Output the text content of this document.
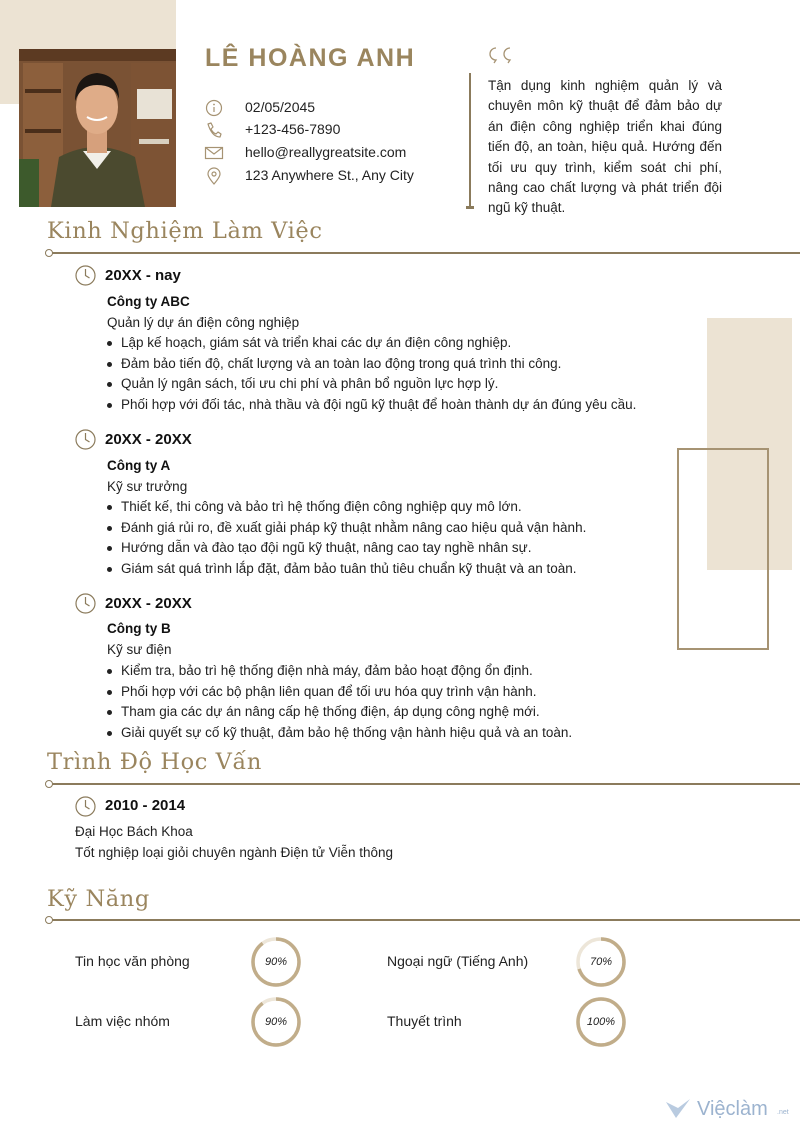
LÊ HOÀNG ANH
02/05/2045
+123-456-7890
hello@reallygreatsite.com
123 Anywhere St., Any City
Tận dụng kinh nghiệm quản lý và chuyên môn kỹ thuật để đảm bảo dự án điện công nghiệp triển khai đúng tiến độ, an toàn, hiệu quả. Hướng đến tối ưu quy trình, kiểm soát chi phí, nâng cao chất lượng và phát triển đội ngũ kỹ thuật.
Kinh Nghiệm Làm Việc
20XX - nay
Công ty ABC
Quản lý dự án điện công nghiệp
Lập kế hoạch, giám sát và triển khai các dự án điện công nghiệp.
Đảm bảo tiến độ, chất lượng và an toàn lao động trong quá trình thi công.
Quản lý ngân sách, tối ưu chi phí và phân bổ nguồn lực hợp lý.
Phối hợp với đối tác, nhà thầu và đội ngũ kỹ thuật để hoàn thành dự án đúng yêu cầu.
20XX - 20XX
Công ty A
Kỹ sư trưởng
Thiết kế, thi công và bảo trì hệ thống điện công nghiệp quy mô lớn.
Đánh giá rủi ro, đề xuất giải pháp kỹ thuật nhằm nâng cao hiệu quả vận hành.
Hướng dẫn và đào tạo đội ngũ kỹ thuật, nâng cao tay nghề nhân sự.
Giám sát quá trình lắp đặt, đảm bảo tuân thủ tiêu chuẩn kỹ thuật và an toàn.
20XX - 20XX
Công ty B
Kỹ sư điện
Kiểm tra, bảo trì hệ thống điện nhà máy, đảm bảo hoạt động ổn định.
Phối hợp với các bộ phận liên quan để tối ưu hóa quy trình vận hành.
Tham gia các dự án nâng cấp hệ thống điện, áp dụng công nghệ mới.
Giải quyết sự cố kỹ thuật, đảm bảo hệ thống vận hành hiệu quả và an toàn.
Trình Độ Học Vấn
2010 - 2014
Đại Học Bách Khoa
Tốt nghiệp loại giỏi chuyên ngành Điện tử Viễn thông
Kỹ Năng
Tin học văn phòng	90%	Ngoại ngữ (Tiếng Anh)	70%
Làm việc nhóm	90%	Thuyết trình	100%
Việclàm .net
